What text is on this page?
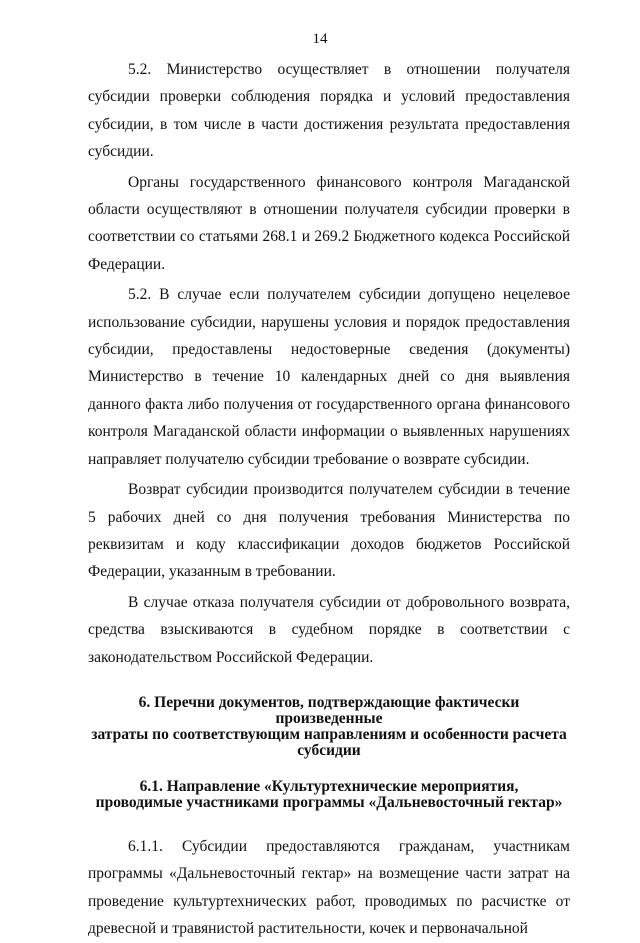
14

5.2. Министерство осуществляет в отношении получателя субсидии проверки соблюдения порядка и условий предоставления субсидии, в том числе в части достижения результата предоставления субсидии.

Органы государственного финансового контроля Магаданской области осуществляют в отношении получателя субсидии проверки в соответствии со статьями 268.1 и 269.2 Бюджетного кодекса Российской Федерации.

5.2. В случае если получателем субсидии допущено нецелевое использование субсидии, нарушены условия и порядок предоставления субсидии, предоставлены недостоверные сведения (документы) Министерство в течение 10 календарных дней со дня выявления данного факта либо получения от государственного органа финансового контроля Магаданской области информации о выявленных нарушениях направляет получателю субсидии требование о возврате субсидии.

Возврат субсидии производится получателем субсидии в течение 5 рабочих дней со дня получения требования Министерства по реквизитам и коду классификации доходов бюджетов Российской Федерации, указанным в требовании.

В случае отказа получателя субсидии от добровольного возврата, средства взыскиваются в судебном порядке в соответствии с законодательством Российской Федерации.

6. Перечни документов, подтверждающие фактически произведенные
затраты по соответствующим направлениям и особенности расчета
субсидии
6.1. Направление «Культуртехнические мероприятия,
проводимые участниками программы «Дальневосточный гектар»

6.1.1. Субсидии предоставляются гражданам, участникам программы «Дальневосточный гектар» на возмещение части затрат на проведение культуртехнических работ, проводимых по расчистке от древесной и травянистой растительности, кочек и первоначальной
